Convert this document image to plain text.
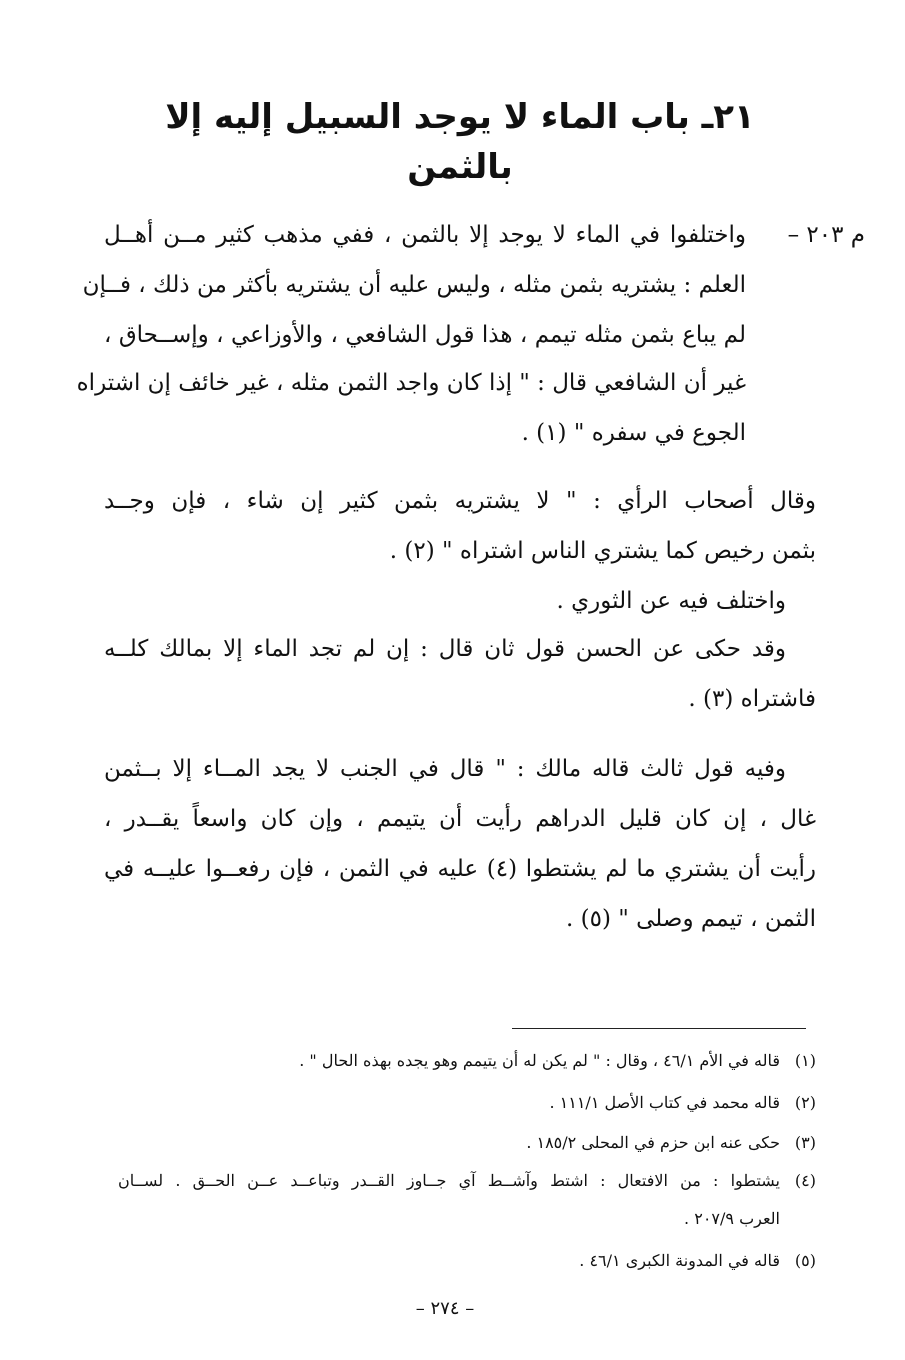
٢١ـ باب الماء لا يوجد السبيل إليه إلا بالثمن
م ٢٠٣ –
واختلفوا في الماء لا يوجد إلا بالثمن ، ففي مذهب كثير مــن أهــل
العلم : يشتريه بثمن مثله ، وليس عليه أن يشتريه بأكثر من ذلك ، فــإن
لم يباع بثمن مثله تيمم ، هذا قول الشافعي ، والأوزاعي ، وإســحاق ،
غير أن الشافعي قال : " إذا كان واجد الثمن مثله ، غير خائف إن اشتراه
الجوع في سفره " (١) .
وقال أصحاب الرأي : " لا يشتريه بثمن كثير إن شاء ، فإن وجــد
بثمن رخيص كما يشتري الناس اشتراه " (٢) .
واختلف فيه عن الثوري .
وقد حكى عن الحسن قول ثان قال : إن لم تجد الماء إلا بمالك كلــه
فاشتراه (٣) .
وفيه قول ثالث قاله مالك : " قال في الجنب لا يجد المــاء إلا بــثمن
غال ، إن كان قليل الدراهم رأيت أن يتيمم ، وإن كان واسعاً يقــدر ،
رأيت أن يشتري ما لم يشتطوا (٤) عليه في الثمن ، فإن رفعــوا عليــه في
الثمن ، تيمم وصلى " (٥) .
(١)قاله في الأم ٤٦/١ ، وقال : " لم يكن له أن يتيمم وهو يجده بهذه الحال " .
(٢)قاله محمد في كتاب الأصل ١١١/١ .
(٣)حكى عنه ابن حزم في المحلى ١٨٥/٢ .
(٤)يشتطوا : من الافتعال : اشتط وآشــط آي جــاوز القــدر وتباعــد عــن الحــق . لســان
العرب ٢٠٧/٩ .
(٥)قاله في المدونة الكبرى ٤٦/١ .
– ٢٧٤ –
